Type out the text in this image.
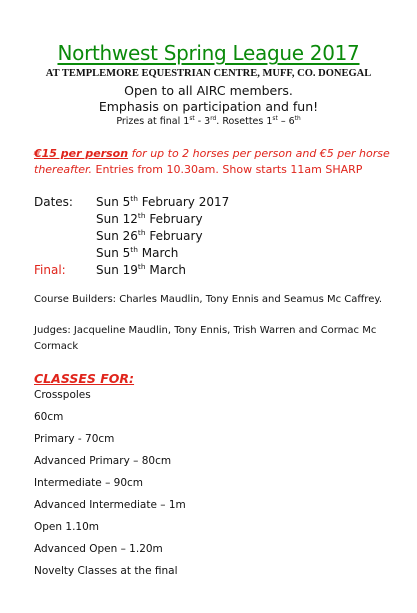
Northwest Spring League 2017
AT TEMPLEMORE EQUESTRIAN CENTRE, MUFF, CO. DONEGAL
Open to all AIRC members.
Emphasis on participation and fun!
Prizes at final 1st - 3rd. Rosettes 1st – 6th
€15 per person for up to 2 horses per person and €5 per horse thereafter. Entries from 10.30am. Show starts 11am SHARP
Dates: Sun 5th February 2017
Sun 12th February
Sun 26th February
Sun 5th March
Final:	Sun 19th March
Course Builders: Charles Maudlin, Tony Ennis and Seamus Mc Caffrey.
Judges: Jacqueline Maudlin, Tony Ennis, Trish Warren and Cormac Mc Cormack
CLASSES FOR:
Crosspoles
60cm
Primary - 70cm
Advanced Primary – 80cm
Intermediate – 90cm
Advanced Intermediate – 1m
Open 1.10m
Advanced Open – 1.20m
Novelty Classes at the final
